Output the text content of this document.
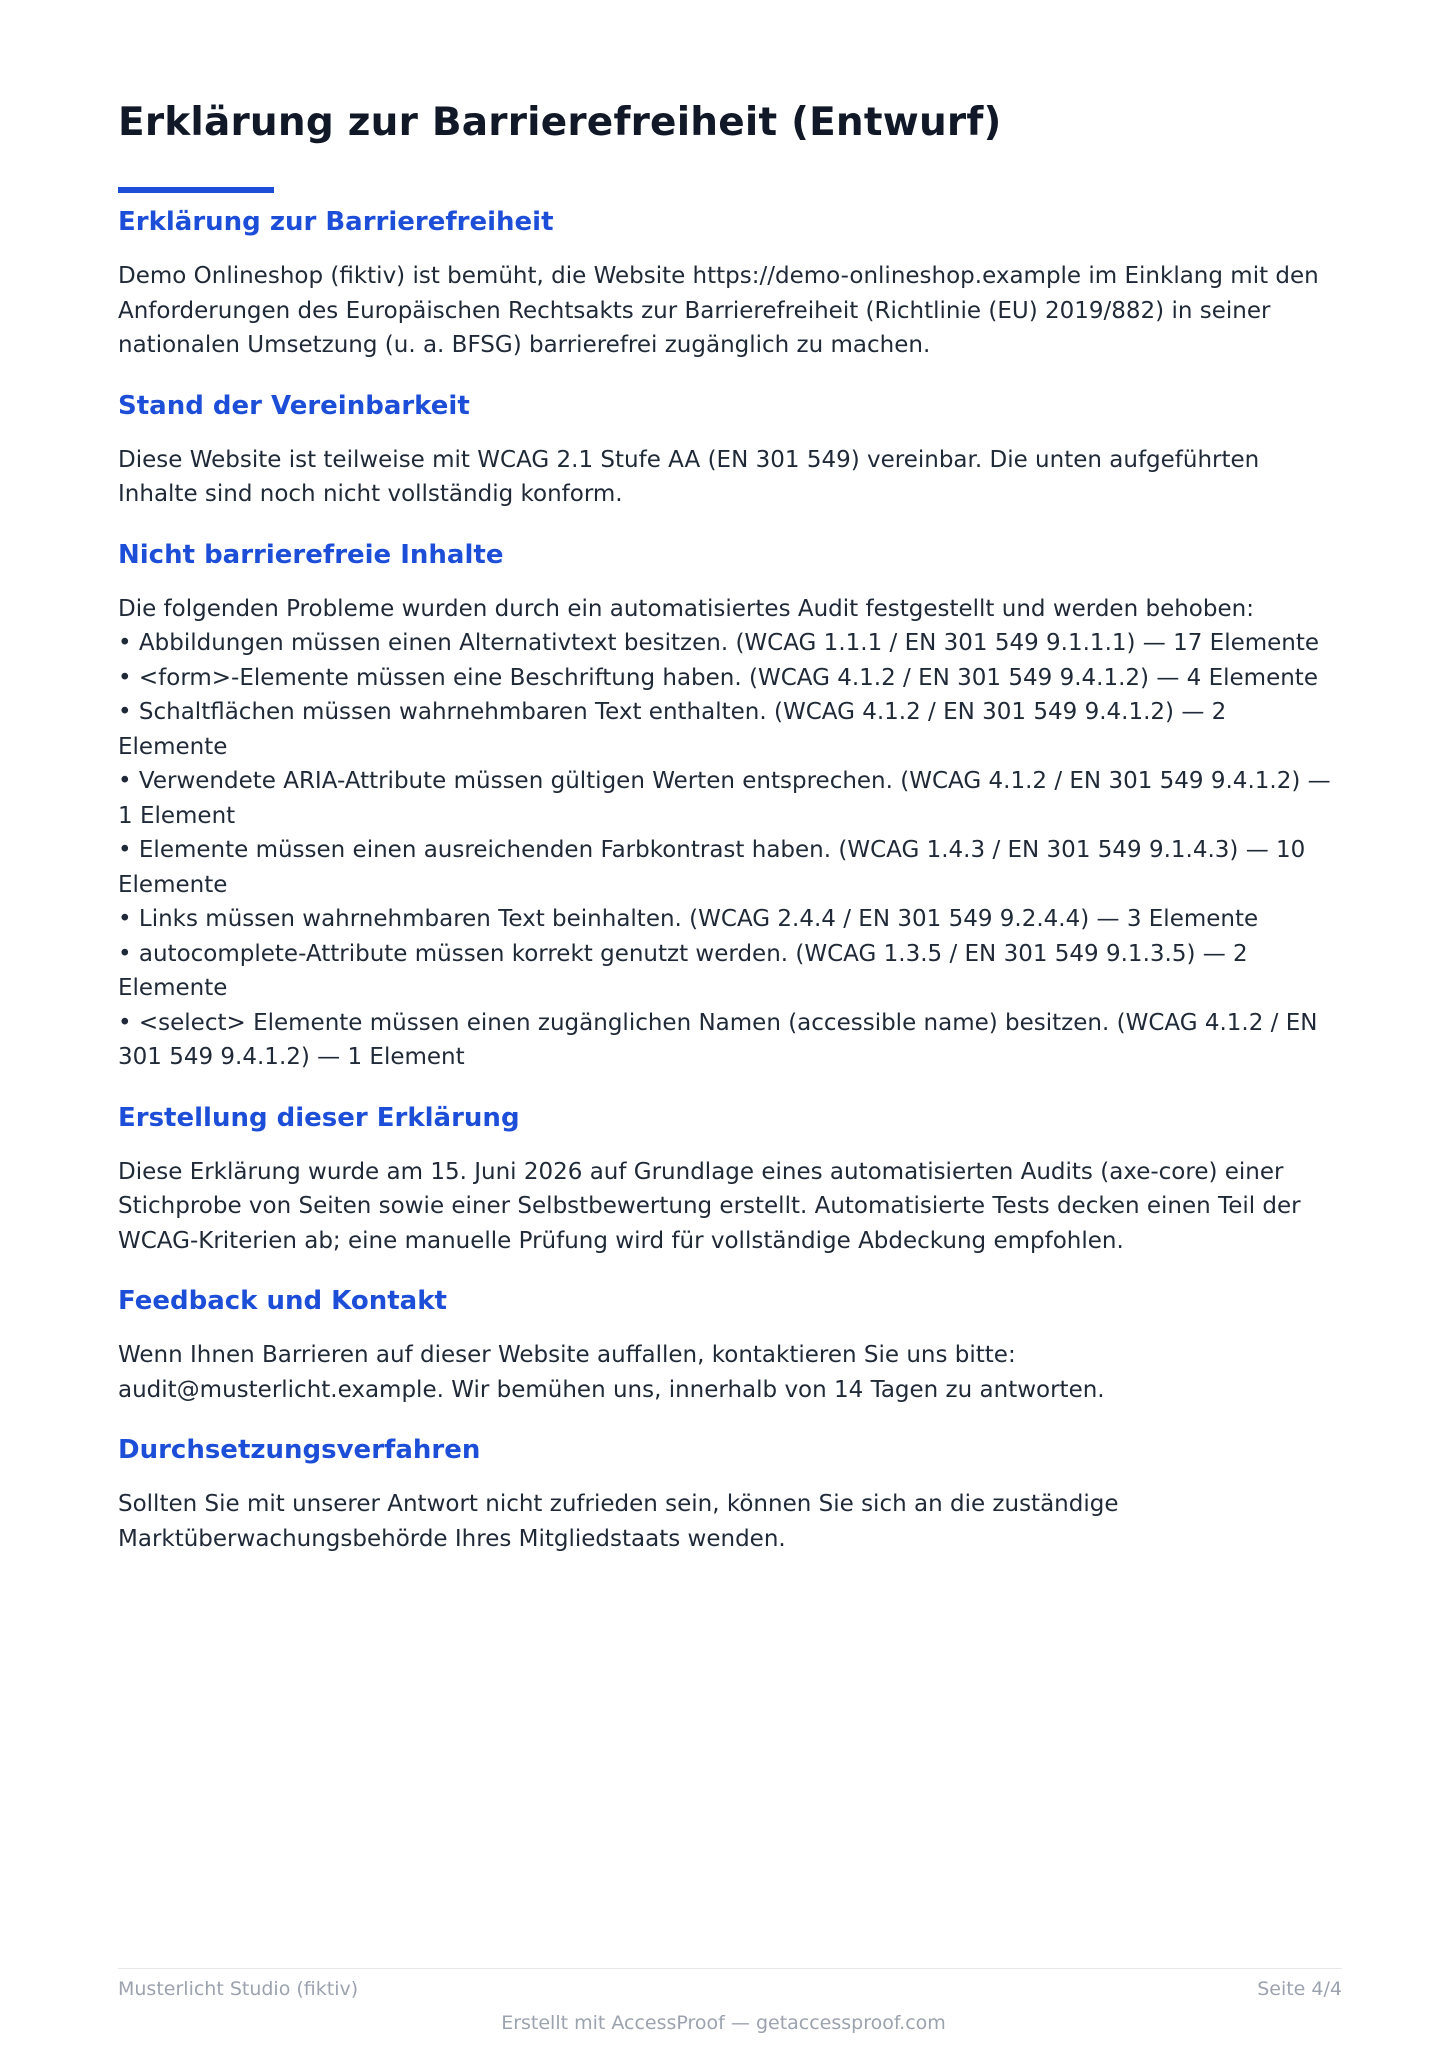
Erklärung zur Barrierefreiheit (Entwurf)
Erklärung zur Barrierefreiheit

Demo Onlineshop (fiktiv) ist bemüht, die Website https://demo-onlineshop.example im Einklang mit den Anforderungen des Europäischen Rechtsakts zur Barrierefreiheit (Richtlinie (EU) 2019/882) in seiner nationalen Umsetzung (u. a. BFSG) barrierefrei zugänglich zu machen.

Stand der Vereinbarkeit

Diese Website ist teilweise mit WCAG 2.1 Stufe AA (EN 301 549) vereinbar. Die unten aufgeführten Inhalte sind noch nicht vollständig konform.

Nicht barrierefreie Inhalte
Die folgenden Probleme wurden durch ein automatisiertes Audit festgestellt und werden behoben:
• Abbildungen müssen einen Alternativtext besitzen. (WCAG 1.1.1 / EN 301 549 9.1.1.1) — 17 Elemente
• <form>-Elemente müssen eine Beschriftung haben. (WCAG 4.1.2 / EN 301 549 9.4.1.2) — 4 Elemente
• Schaltflächen müssen wahrnehmbaren Text enthalten. (WCAG 4.1.2 / EN 301 549 9.4.1.2) — 2 Elemente
• Verwendete ARIA-Attribute müssen gültigen Werten entsprechen. (WCAG 4.1.2 / EN 301 549 9.4.1.2) — 1 Element
• Elemente müssen einen ausreichenden Farbkontrast haben. (WCAG 1.4.3 / EN 301 549 9.1.4.3) — 10 Elemente
• Links müssen wahrnehmbaren Text beinhalten. (WCAG 2.4.4 / EN 301 549 9.2.4.4) — 3 Elemente
• autocomplete-Attribute müssen korrekt genutzt werden. (WCAG 1.3.5 / EN 301 549 9.1.3.5) — 2 Elemente
• <select> Elemente müssen einen zugänglichen Namen (accessible name) besitzen. (WCAG 4.1.2 / EN 301 549 9.4.1.2) — 1 Element
Erstellung dieser Erklärung

Diese Erklärung wurde am 15. Juni 2026 auf Grundlage eines automatisierten Audits (axe-core) einer Stichprobe von Seiten sowie einer Selbstbewertung erstellt. Automatisierte Tests decken einen Teil der WCAG-Kriterien ab; eine manuelle Prüfung wird für vollständige Abdeckung empfohlen.

Feedback und Kontakt

Wenn Ihnen Barrieren auf dieser Website auffallen, kontaktieren Sie uns bitte: audit@musterlicht.example. Wir bemühen uns, innerhalb von 14 Tagen zu antworten.

Durchsetzungsverfahren

Sollten Sie mit unserer Antwort nicht zufrieden sein, können Sie sich an die zuständige Marktüberwachungsbehörde Ihres Mitgliedstaats wenden.

Musterlicht Studio (fiktiv)	Seite 4/4
Erstellt mit AccessProof — getaccessproof.com
